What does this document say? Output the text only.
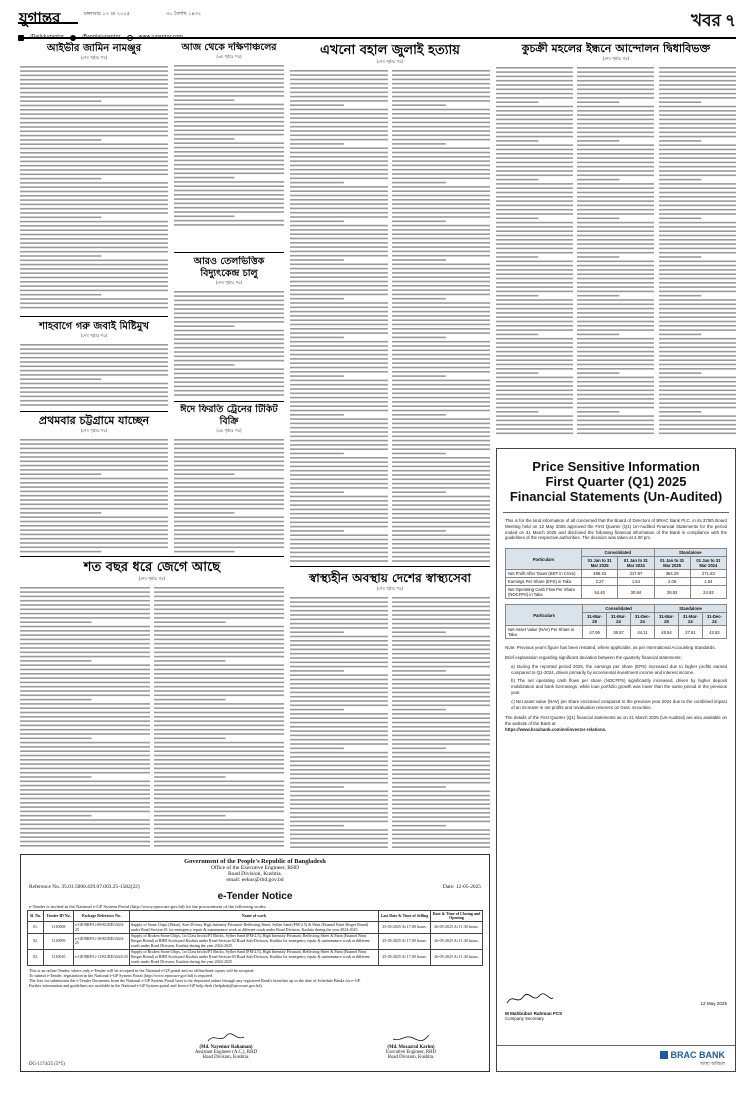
যুগান্তর	মঙ্গলবার ১৩ মে ২০২৫	৩০ বৈশাখ ১৪৩২	খবর ৭
আইভীর জামিন নামঞ্জুর
(শেষ পৃষ্ঠার পর)
শাহবাগে গরু জবাই মিষ্টিমুখ
(শেষ পৃষ্ঠার পর)
প্রথমবার চট্টগ্রামে যাচ্ছেন
(শেষ পৃষ্ঠার পর)
আজ থেকে দক্ষিণাঞ্চলের
(৩য় পৃষ্ঠার পর)
আরও তেলভিত্তিক বিদ্যুৎকেন্দ্র চালু
(শেষ পৃষ্ঠার পর)
ঈদে ফিরতি ট্রেনের টিকিট বিক্রি
(৩য় পৃষ্ঠার পর)
শত বছর ধরে জেগে আছে
(শেষ পৃষ্ঠার পর)
এখনো বহাল জুলাই হত্যায়
(শেষ পৃষ্ঠার পর)
স্বাস্থ্যহীন অবস্থায় দেশের স্বাস্থ্যসেবা
(শেষ পৃষ্ঠার পর)
কুচক্রী মহলের ইন্ধনে আন্দোলন দ্বিধাবিভক্ত
(শেষ পৃষ্ঠার পর)
Price Sensitive Information
First Quarter (Q1) 2025
Financial Statements (Un-Audited)
This is for the kind information of all concerned that the Board of Directors of BRAC Bank PLC. in its 375th Board Meeting held on 12 May 2025 approved the First Quarter (Q1) Un-Audited Financial Statements for the period ended on 31 March 2025 and disclosed the following financial information of the Bank in compliance with the guidelines of the respective authorities. The decision was taken at 4.00 pm.
Particulars	Consolidated		Standalone	
	01 Jan to 31 Mar 2025	01 Jan to 31 Mar 2024	01 Jan to 31 Mar 2025	01 Jan to 31 Mar 2024
Net Profit After Taxes (BDT in Crore)	486.33	317.87	364.29	271.83
Earnings Per Share (EPS) in Taka	2.27	1.54	2.06	1.54
Net Operating Cash Flow Per Share (NOCFPS) in Taka	54.40	30.84	28.83	24.93
Particulars	Consolidated			Standalone		
	31-Mar-25	31-Mar-24	31-Dec-24	31-Mar-25	31-Mar-24	31-Dec-24
Net Asset Value (NAV) Per Share in Taka	47.06	36.57	44.11	45.54	37.51	42.63

Note: Previous year's figure has been restated, where applicable, as per International Accounting Standards.

Brief explanation regarding significant deviation between the quarterly financial statements:

a) During the reported period 2025, the earnings per share (EPS) increased due to higher profits earned compared to Q1-2024, driven primarily by incremental investment income and interest income.

b) The net operating cash flows per share (NOCFPS) significantly increased, driven by higher deposit mobilization and bank borrowings, while loan portfolio growth was lower than the same period in the previous year.

c) Net asset value (NAV) per share increased compared to the previous year 2024 due to the combined impact of an increase in net profits and revaluation reserves on Govt. securities.

The details of the First Quarter (Q1) financial statements as on 31 March 2025 (Un-Audited) are also available on the website of the Bank at

https://www.bracbank.com/en/investor-relations.

12 May 2025
M Mahbubur Rahman FCS
Company Secretary
BRAC BANK
আস্থা অবিচল
Government of the People's Republic of Bangladesh
Office of the Executive Engineer, RHD
Road Division, Kushtia.
email: eekus@rhd.gov.bd
Reference No. 35.01.5000.439.07.003.25-1582(22)	Date: 12-05-2025
e-Tender Notice
e-Tender is invited in the National e-GP System Portal (http://www.eprocure.gov.bd) for the procurement of the following works:
Sl. No.	Tender ID No.	Package Reference No.	Name of work	Last Date & Time of Selling	Date & Time of Closing and Opening
01.	1110008	e-GP/RRP/G-09/KURD/2024-25	Supply of Stone Chips (Pakur), Size-20 mm, High Intensity Prismatic Reflecting Sheet, Sylhet Sand (FM-2.5) & Paint (Enamel Paint Berger Brand) under Road Section-01 for emergency repair & maintenance work at different roads under Road Division, Kushtia during the year 2024-2025.	25-05-2025 At 17:00 hours.	26-05-2025 At 11:30 hours.
02.	1110009	e-GP/RRP/G-10/KURD/2024-25	Supply of Broken Stone Chips, 1st Class bricks/P.I Bricks, Sylhet Sand (FM-2.5), High Intensity Prismatic Reflecting Sheet & Paint (Enamel Paint Berger Brand) at RHD Stockyard Kushtia under Road Section-02 Road Sub-Division, Kushtia for emergency repair & maintenance work at different roads under Road Division, Kushtia during the year 2024-2025.	25-05-2025 At 17:00 hours.	26-05-2025 At 11:30 hours.
03.	1110010	e-GP/RRP/G-11/KURD/2024-25	Supply of Broken Stone Chips, 1st Class bricks/P.I Bricks, Sylhet Sand (FM-2.5), High Intensity Prismatic Reflecting Sheet & Paint (Enamel Paint Berger Brand) at RHD Stockyard Kushtia under Road Section-03 Road Sub-Division, Kushtia for emergency repair & maintenance work at different roads under Road Division, Kushtia during the year 2024-2025.	25-05-2025 At 17:00 hours.	26-05-2025 At 11:30 hours.
This is an online Tender, where only e-Tender will be accepted in the National e-GP portal and no offline/hard copies will be accepted.
To submit e-Tender, registration in the National e-GP System Portal (http://www.eprocure.gov.bd) is required.
The fees for submission the e-Tender Document from the National e-GP System Portal have to be deposited online through any registered Bank's branches up to the date of Schedule Banks for e-GP.
Further information and guidelines are available in the National e-GP System portal and from e-GP help desk (helpdesk@eprocure.gov.bd).
DG-1174/25 (5*5)
(Md. Nayemur Rahaman)
Assistant Engineer (A.C.), RHD
Road Division, Kushtia.
(Md. Mozazrul Karim)
Executive Engineer, RHD
Road Division, Kushtia.
